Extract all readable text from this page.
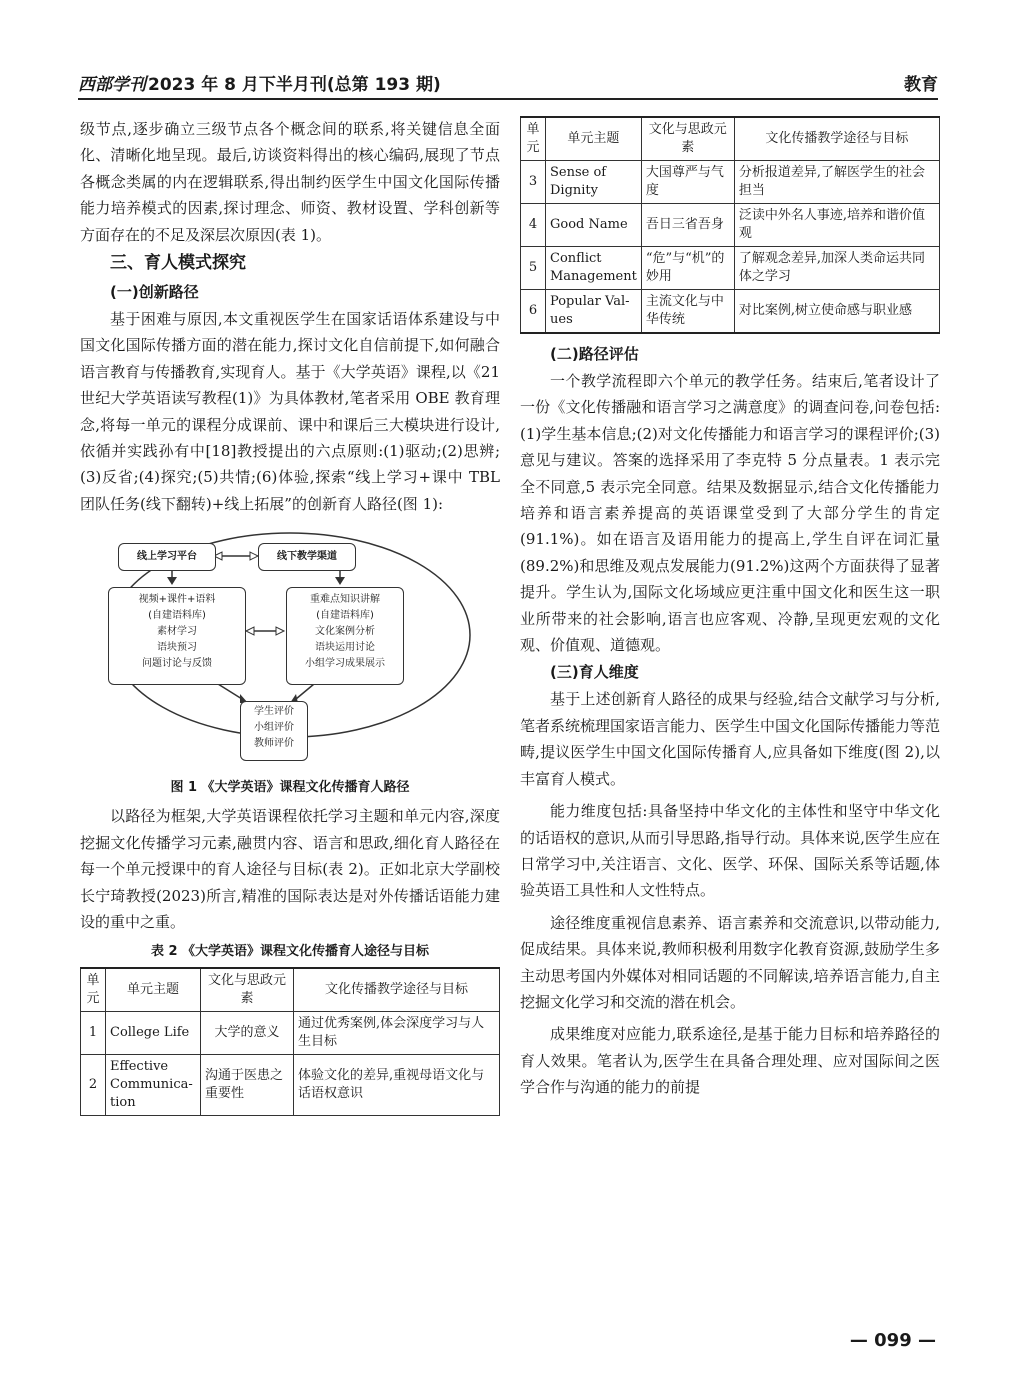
西部学刊 2023 年 8 月下半月刊(总第 193 期)	教育

级节点,逐步确立三级节点各个概念间的联系,将关键信息全面化、清晰化地呈现。最后,访谈资料得出的核心编码,展现了节点各概念类属的内在逻辑联系,得出制约医学生中国文化国际传播能力培养模式的因素,探讨理念、师资、教材设置、学科创新等方面存在的不足及深层次原因(表 1)。

三、育人模式探究
(一)创新路径

基于困难与原因,本文重视医学生在国家话语体系建设与中国文化国际传播方面的潜在能力,探讨文化自信前提下,如何融合语言教育与传播教育,实现育人。基于《大学英语》课程,以《21 世纪大学英语读写教程(1)》为具体教材,笔者采用 OBE 教育理念,将每一单元的课程分成课前、课中和课后三大模块进行设计,依循并实践孙有中[18]教授提出的六点原则:(1)驱动;(2)思辨;(3)反省;(4)探究;(5)共情;(6)体验,探索“线上学习+课中 TBL 团队任务(线下翻转)+线上拓展”的创新育人路径(图 1):

线上学习平台	线下教学渠道
视频+课件+语料
(自建语料库)
素材学习
语块预习
问题讨论与反馈
重难点知识讲解
(自建语料库)
文化案例分析
语块运用讨论
小组学习成果展示
学生评价
小组评价
教师评价
图 1 《大学英语》课程文化传播育人路径

以路径为框架,大学英语课程依托学习主题和单元内容,深度挖掘文化传播学习元素,融贯内容、语言和思政,细化育人路径在每一个单元授课中的育人途径与目标(表 2)。正如北京大学副校长宁琦教授(2023)所言,精准的国际表达是对外传播话语能力建设的重中之重。

表 2 《大学英语》课程文化传播育人途径与目标
单元	单元主题	文化与思政元素	文化传播教学途径与目标
1	College Life	大学的意义	通过优秀案例,体会深度学习与人生目标
2	Effective Communica-tion	沟通于医患之重要性	体验文化的差异,重视母语文化与话语权意识
单元	单元主题	文化与思政元素	文化传播教学途径与目标
3	Sense of Dignity	大国尊严与气度	分析报道差异,了解医学生的社会担当
4	Good Name	吾日三省吾身	泛读中外名人事迹,培养和谐价值观
5	Conflict Management	“危”与“机”的妙用	了解观念差异,加深人类命运共同体之学习
6	Popular Val-ues	主流文化与中华传统	对比案例,树立使命感与职业感
(二)路径评估

一个教学流程即六个单元的教学任务。结束后,笔者设计了一份《文化传播融和语言学习之满意度》的调查问卷,问卷包括:(1)学生基本信息;(2)对文化传播能力和语言学习的课程评价;(3)意见与建议。答案的选择采用了李克特 5 分点量表。1 表示完全不同意,5 表示完全同意。结果及数据显示,结合文化传播能力培养和语言素养提高的英语课堂受到了大部分学生的肯定(91.1%)。如在语言及语用能力的提高上,学生自评在词汇量(89.2%)和思维及观点发展能力(91.2%)这两个方面获得了显著提升。学生认为,国际文化场域应更注重中国文化和医生这一职业所带来的社会影响,语言也应客观、冷静,呈现更宏观的文化观、价值观、道德观。

(三)育人维度

基于上述创新育人路径的成果与经验,结合文献学习与分析,笔者系统梳理国家语言能力、医学生中国文化国际传播能力等范畴,提议医学生中国文化国际传播育人,应具备如下维度(图 2),以丰富育人模式。

能力维度包括:具备坚持中华文化的主体性和坚守中华文化的话语权的意识,从而引导思路,指导行动。具体来说,医学生应在日常学习中,关注语言、文化、医学、环保、国际关系等话题,体验英语工具性和人文性特点。

途径维度重视信息素养、语言素养和交流意识,以带动能力,促成结果。具体来说,教师积极利用数字化教育资源,鼓励学生多主动思考国内外媒体对相同话题的不同解读,培养语言能力,自主挖掘文化学习和交流的潜在机会。

成果维度对应能力,联系途径,是基于能力目标和培养路径的育人效果。笔者认为,医学生在具备合理处理、应对国际间之医学合作与沟通的能力的前提

— 099 —
